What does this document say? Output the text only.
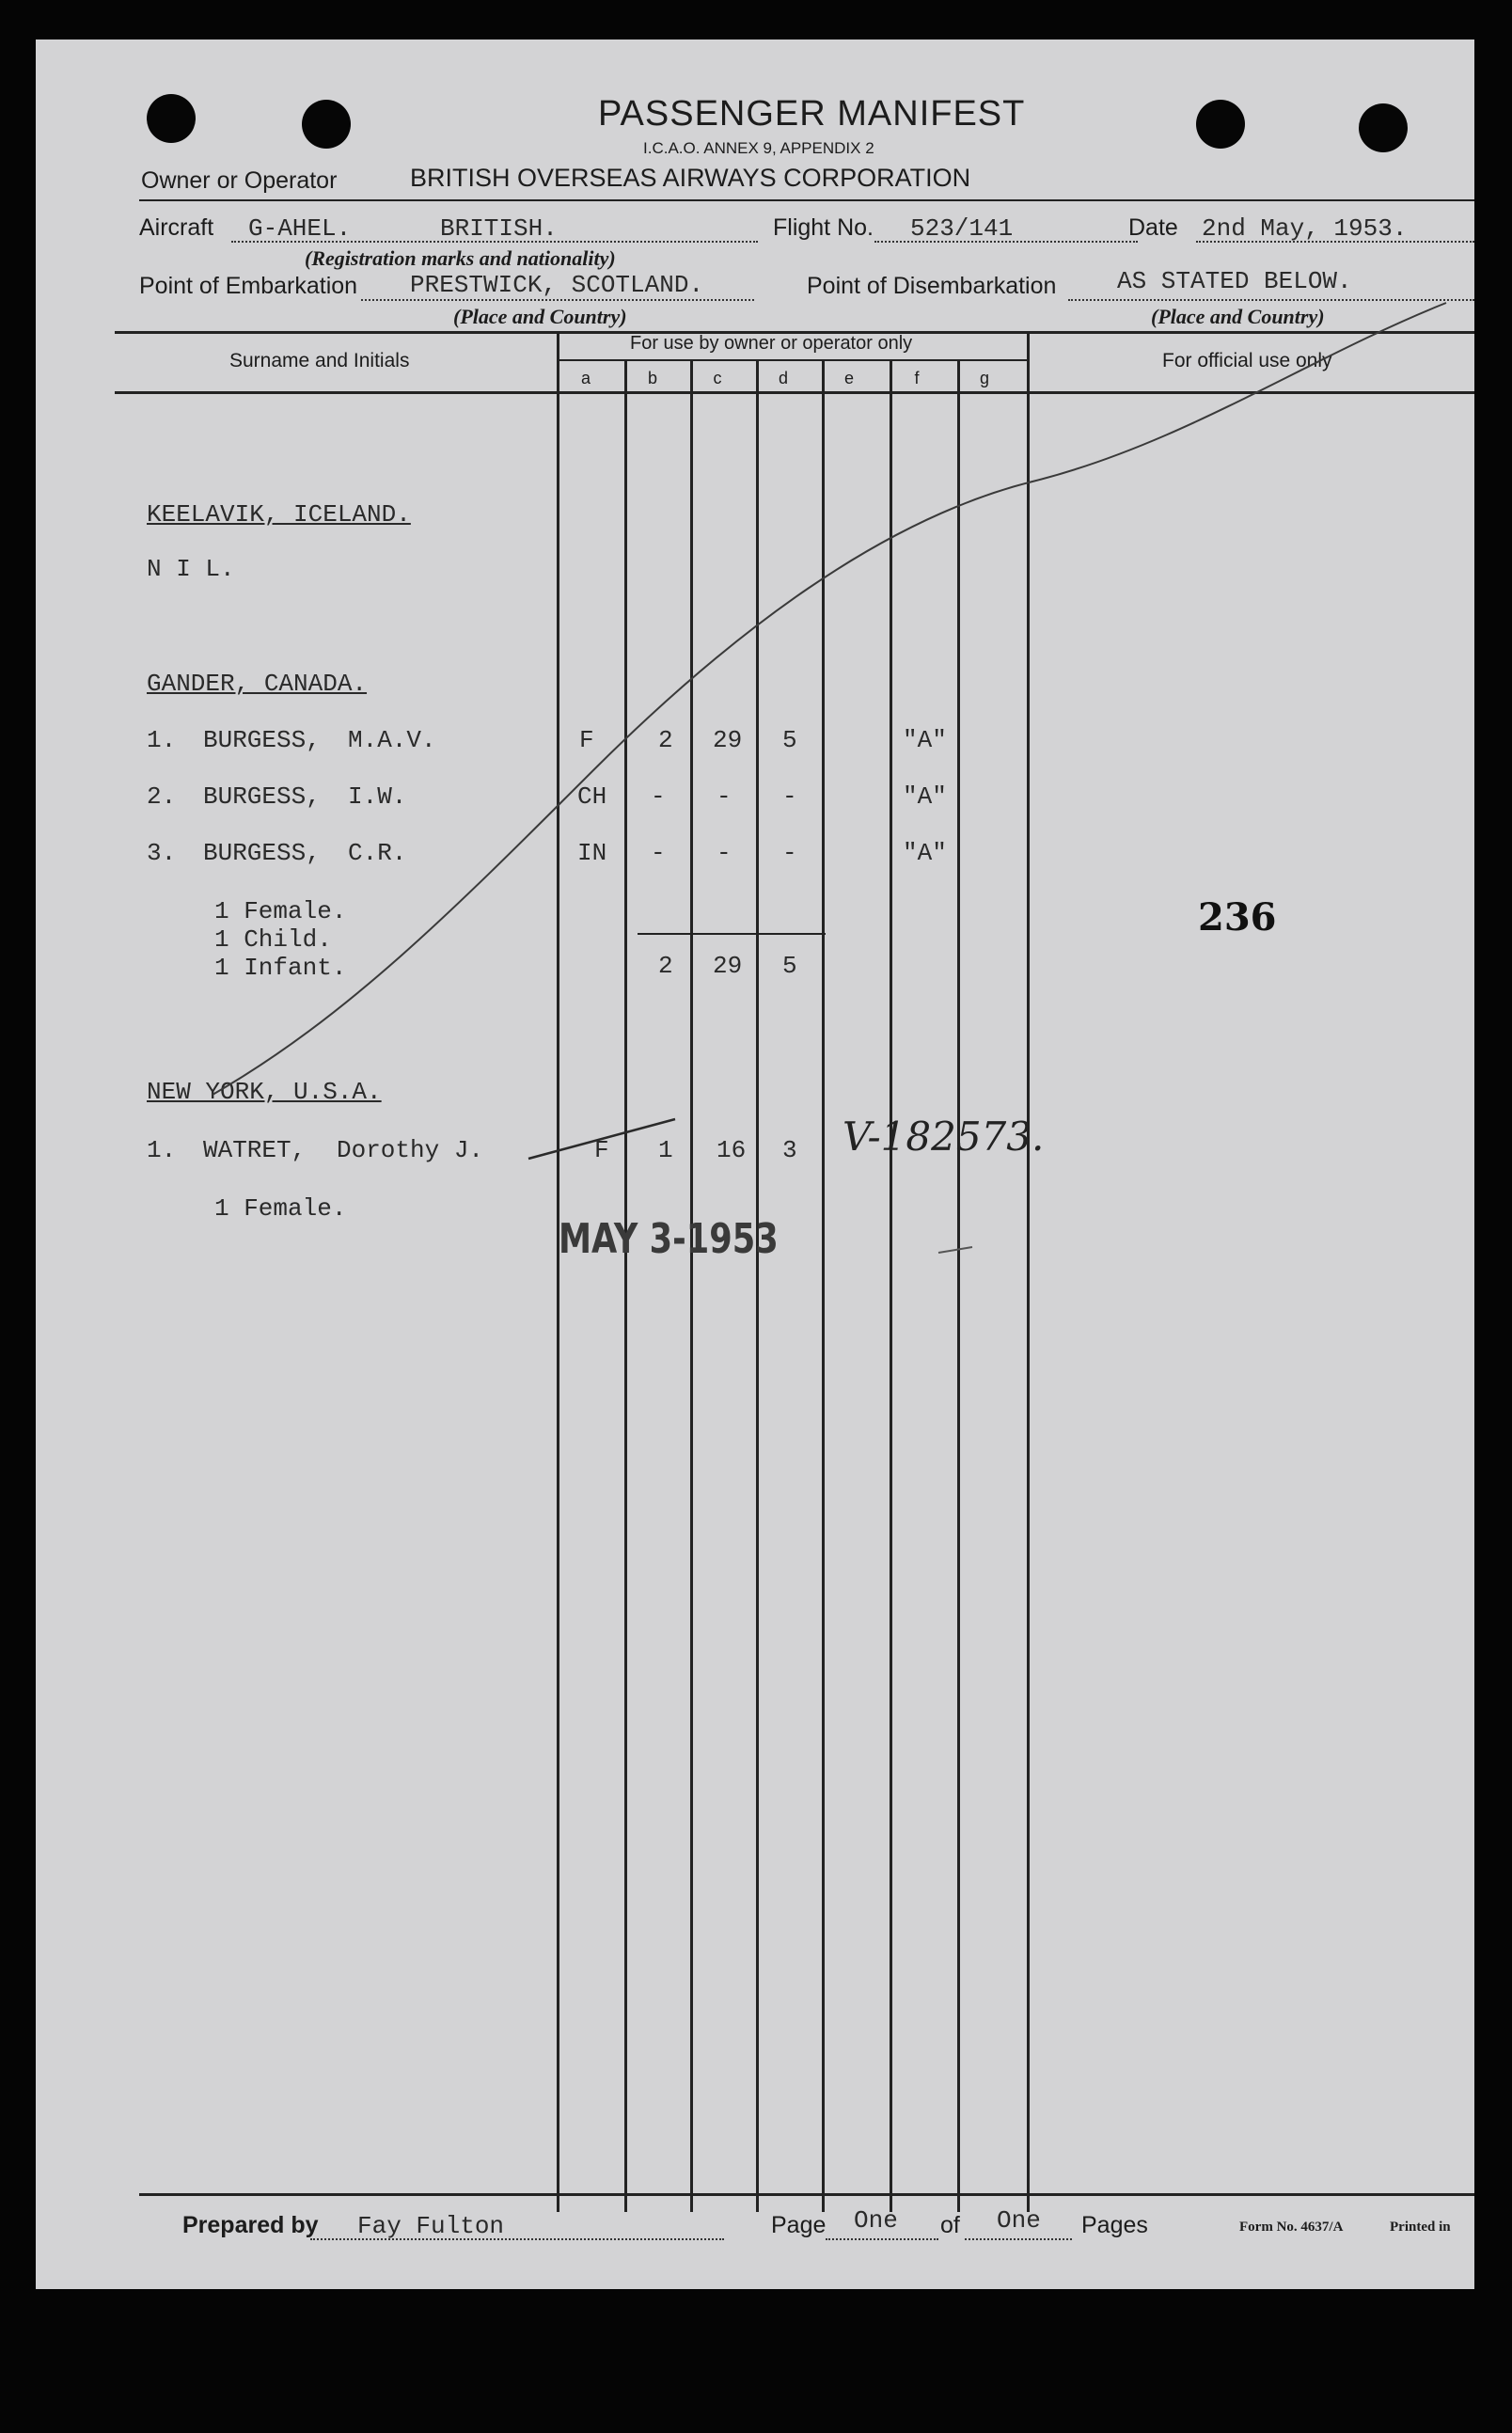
PASSENGER MANIFEST
I.C.A.O. ANNEX 9, APPENDIX 2
Owner or Operator	BRITISH OVERSEAS AIRWAYS CORPORATION
Aircraft G-AHEL.	BRITISH.	Flight No. 523/141	Date 2nd May, 1953.
(Registration marks and nationality)
Point of Embarkation PRESTWICK, SCOTLAND.	Point of Disembarkation AS STATED BELOW.
(Place and Country)	(Place and Country)
Surname and Initials
For use by owner or operator only
For official use only
a	b	c	d	e	f	g
KEELAVIK, ICELAND.
N I L.
GANDER, CANADA.
1. BURGESS, M.A.V.	F	2 29 5	"A"
2. BURGESS, I.W.	CH - - -	"A"
3. BURGESS, C.R.	IN - - -	"A"
1 Female.
1 Child.
1 Infant.	2 29 5
236
NEW YORK, U.S.A.
1. WATRET, Dorothy J.	F 1 16 3
1 Female.
V-182573.
MAY 3-1953
Prepared by Fay Fulton	Page One of One Pages	Form No. 4637/A	Printed in
